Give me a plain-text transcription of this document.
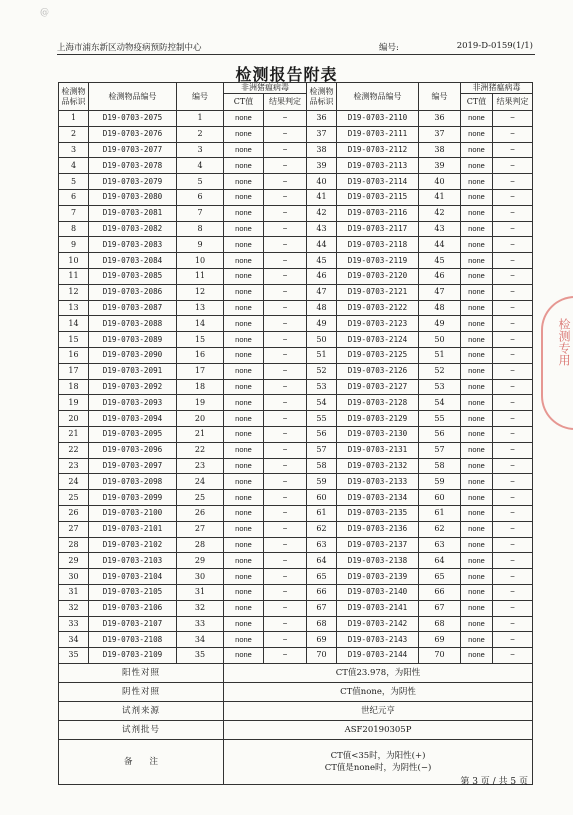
@
上海市浦东新区动物疫病预防控制中心	编号:	2019-D-0159(1/1)
检测报告附表
检测物品标识	检测物品编号	编号	非洲猪瘟病毒		检测物品标识	检测物品编号	编号	非洲猪瘟病毒	
			CT值	结果判定				CT值	结果判定
1	D19-0703-2075	1	none	−	36	D19-0703-2110	36	none	−
2	D19-0703-2076	2	none	−	37	D19-0703-2111	37	none	−
3	D19-0703-2077	3	none	−	38	D19-0703-2112	38	none	−
4	D19-0703-2078	4	none	−	39	D19-0703-2113	39	none	−
5	D19-0703-2079	5	none	−	40	D19-0703-2114	40	none	−
6	D19-0703-2080	6	none	−	41	D19-0703-2115	41	none	−
7	D19-0703-2081	7	none	−	42	D19-0703-2116	42	none	−
8	D19-0703-2082	8	none	−	43	D19-0703-2117	43	none	−
9	D19-0703-2083	9	none	−	44	D19-0703-2118	44	none	−
10	D19-0703-2084	10	none	−	45	D19-0703-2119	45	none	−
11	D19-0703-2085	11	none	−	46	D19-0703-2120	46	none	−
12	D19-0703-2086	12	none	−	47	D19-0703-2121	47	none	−
13	D19-0703-2087	13	none	−	48	D19-0703-2122	48	none	−
14	D19-0703-2088	14	none	−	49	D19-0703-2123	49	none	−
15	D19-0703-2089	15	none	−	50	D19-0703-2124	50	none	−
16	D19-0703-2090	16	none	−	51	D19-0703-2125	51	none	−
17	D19-0703-2091	17	none	−	52	D19-0703-2126	52	none	−
18	D19-0703-2092	18	none	−	53	D19-0703-2127	53	none	−
19	D19-0703-2093	19	none	−	54	D19-0703-2128	54	none	−
20	D19-0703-2094	20	none	−	55	D19-0703-2129	55	none	−
21	D19-0703-2095	21	none	−	56	D19-0703-2130	56	none	−
22	D19-0703-2096	22	none	−	57	D19-0703-2131	57	none	−
23	D19-0703-2097	23	none	−	58	D19-0703-2132	58	none	−
24	D19-0703-2098	24	none	−	59	D19-0703-2133	59	none	−
25	D19-0703-2099	25	none	−	60	D19-0703-2134	60	none	−
26	D19-0703-2100	26	none	−	61	D19-0703-2135	61	none	−
27	D19-0703-2101	27	none	−	62	D19-0703-2136	62	none	−
28	D19-0703-2102	28	none	−	63	D19-0703-2137	63	none	−
29	D19-0703-2103	29	none	−	64	D19-0703-2138	64	none	−
30	D19-0703-2104	30	none	−	65	D19-0703-2139	65	none	−
31	D19-0703-2105	31	none	−	66	D19-0703-2140	66	none	−
32	D19-0703-2106	32	none	−	67	D19-0703-2141	67	none	−
33	D19-0703-2107	33	none	−	68	D19-0703-2142	68	none	−
34	D19-0703-2108	34	none	−	69	D19-0703-2143	69	none	−
35	D19-0703-2109	35	none	−	70	D19-0703-2144	70	none	−
阳性对照			CT值23.978，为阳性						
阴性对照			CT值none，为阴性						
试剂来源			世纪元亨						
试剂批号			ASF20190305P						
备　　注			CT值<35时，为阳性(+)
CT值是none时，为阴性(−)						
第 3 页 / 共 5 页
检测专用
